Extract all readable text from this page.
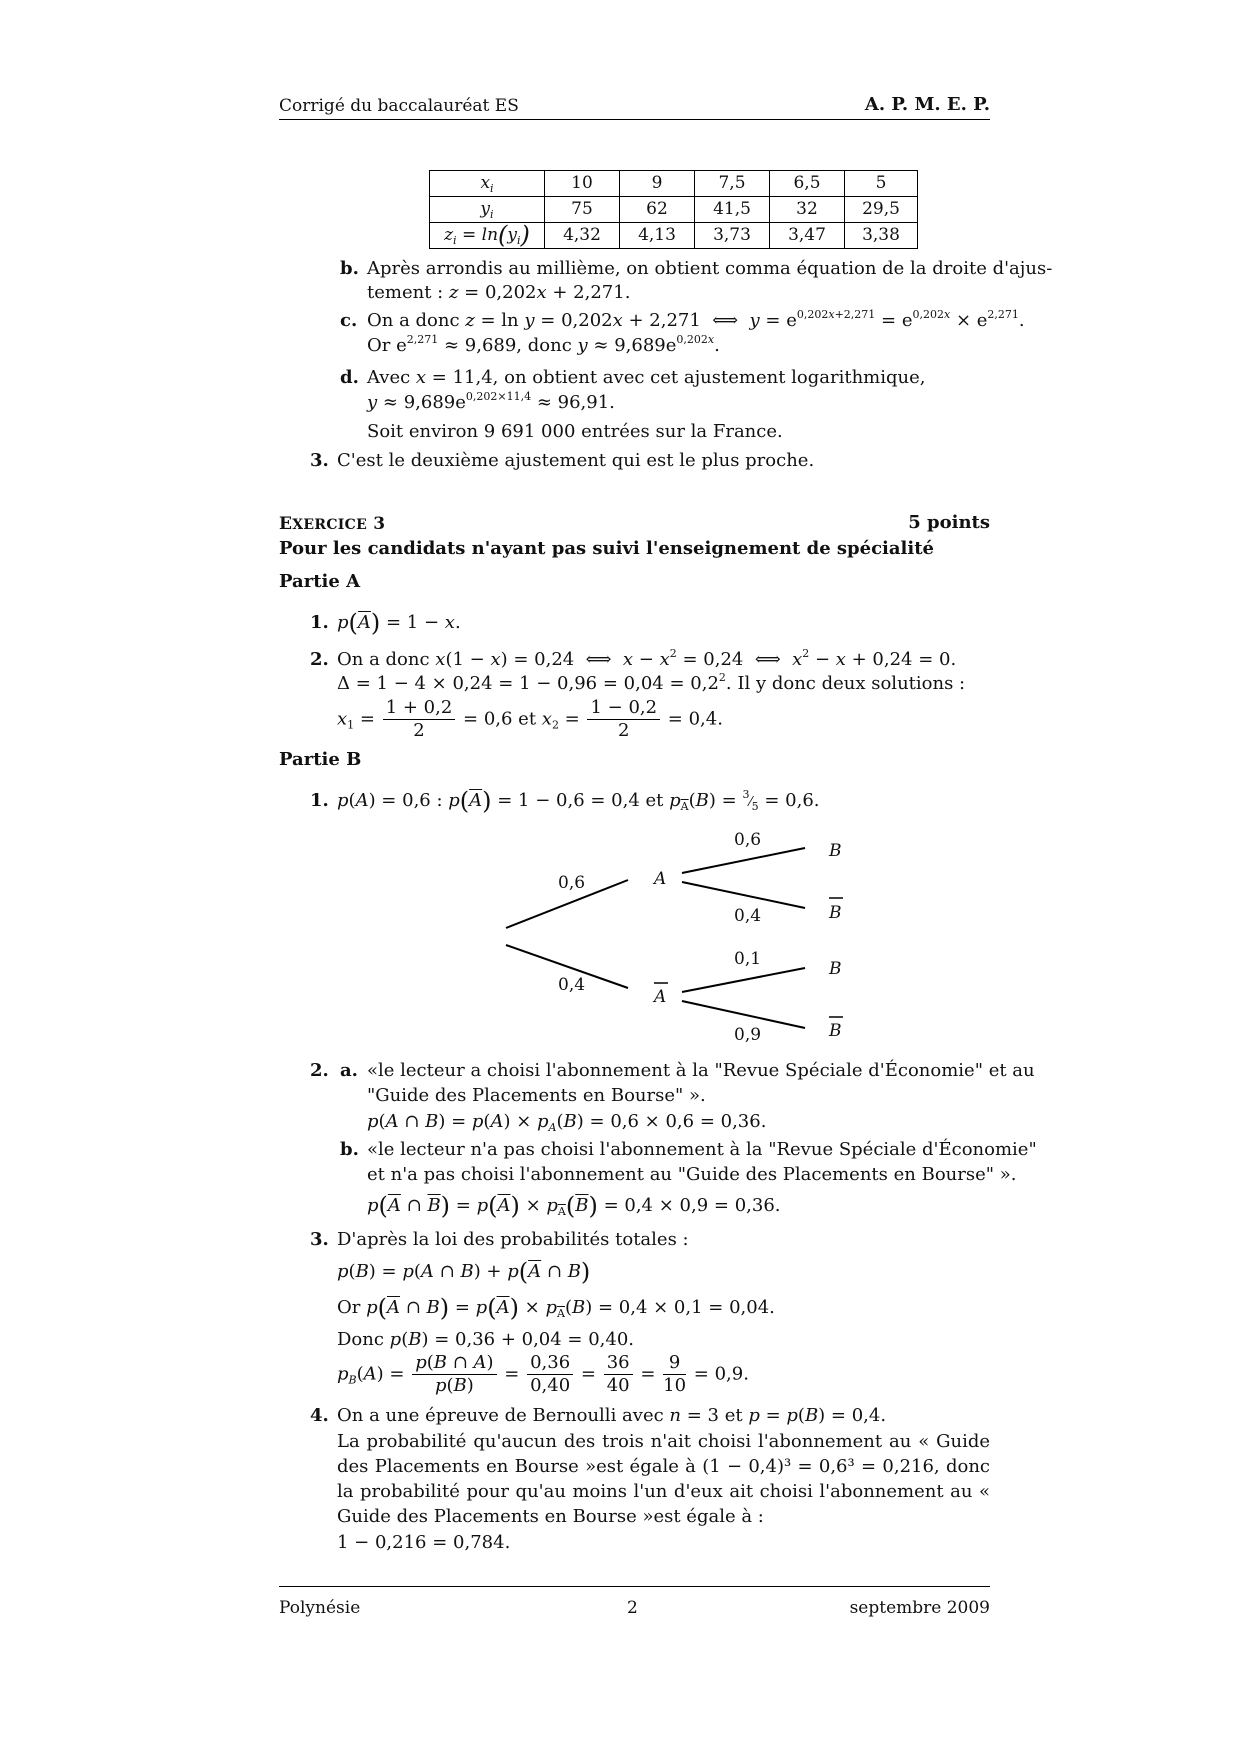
Corrigé du baccalauréat ES	A. P. M. E. P.
$x_i$	10	9	7,5	6,5	5
$y_i$	75	62	41,5	32	29,5
$z_i = \ln(y_i)$	4,32	4,13	3,73	3,47	3,38
b. Après arrondis au millième, on obtient comma équation de la droite d'ajus-
tement : z = 0,202x + 2,271.
c. On a donc z = ln y = 0,202x + 2,271  ⟺  $y = e^{0,202x+2,271} = e^{0,202x} \times e^{2,271}$.
Or $e^{2,271} \approx 9,689$, donc $y \approx 9,689e^{0,202x}$.
d. Avec x = 11,4, on obtient avec cet ajustement logarithmique,
$y \approx 9,689e^{0,202\times 11,4} \approx 96,91$.
Soit environ 9 691 000 entrées sur la France.
3. C'est le deuxième ajustement qui est le plus proche.
EXERCICE 3	5 points
Pour les candidats n'ayant pas suivi l'enseignement de spécialité
Partie A
1. $p(\overline{A}) = 1 - x$.
2. On a donc x(1 − x) = 0,24  ⟺  $x - x^2 = 0,24$  ⟺  $x^2 - x + 0,24 = 0$.
$\Delta = 1 - 4 \times 0,24 = 1 - 0,96 = 0,04 = 0,2^2$. Il y donc deux solutions :
$x_1 = \frac{1 + 0,2}{2} = 0,6$ et $x_2 = \frac{1 - 0,2}{2} = 0,4$.
Partie B
1. p(A) = 0,6 : $p(\overline{A}) = 1 - 0,6 = 0,4$ et $p_{\overline{A}}(B)$ = $^3⁄_5 = 0,6$.
0,6
0,4
A
A
0,6
0,4
0,1
0,9
B
B
B
B
2. a. «le lecteur a choisi l'abonnement à la "Revue Spéciale d'Économie" et au
"Guide des Placements en Bourse" ».
p(A ∩ $B) = p(A) \times p_A(B) = 0,6 \times 0,6 = 0,36$.
b. «le lecteur n'a pas choisi l'abonnement à la "Revue Spéciale d'Économie"
et n'a pas choisi l'abonnement au "Guide des Placements en Bourse" ».
$p(\overline{A}$ ∩ $\overline{B}) = p(\overline{A}) \times p_{\overline{A}}(\overline{B}) = 0,4 \times 0,9 = 0,36$.
3. D'après la loi des probabilités totales :
p(B) = p(A ∩ $B) + p(\overline{A}$ ∩ B)
Or $p(\overline{A}$ ∩ $B) = p(\overline{A}) \times p_{\overline{A}}(B) = 0,4 \times 0,1 = 0,04$.
Donc p(B) = 0,36 + 0,04 = 0,40.
$p_B(A) = \frac{p(B \cap A)}{p(B)} = \frac{0,36}{0,40} = \frac{36}{40} = \frac{9}{10} = 0,9$.
4. On a une épreuve de Bernoulli avec n = 3 et p = p(B) = 0,4.
La probabilité qu'aucun des trois n'ait choisi l'abonnement au « Guide des Placements en Bourse »est égale à (1 − 0,4)³ = 0,6³ = 0,216, donc la probabilité pour qu'au moins l'un d'eux ait choisi l'abonnement au « Guide des Placements en Bourse »est égale à :
1 − 0,216 = 0,784.
Polynésie	2	septembre 2009
